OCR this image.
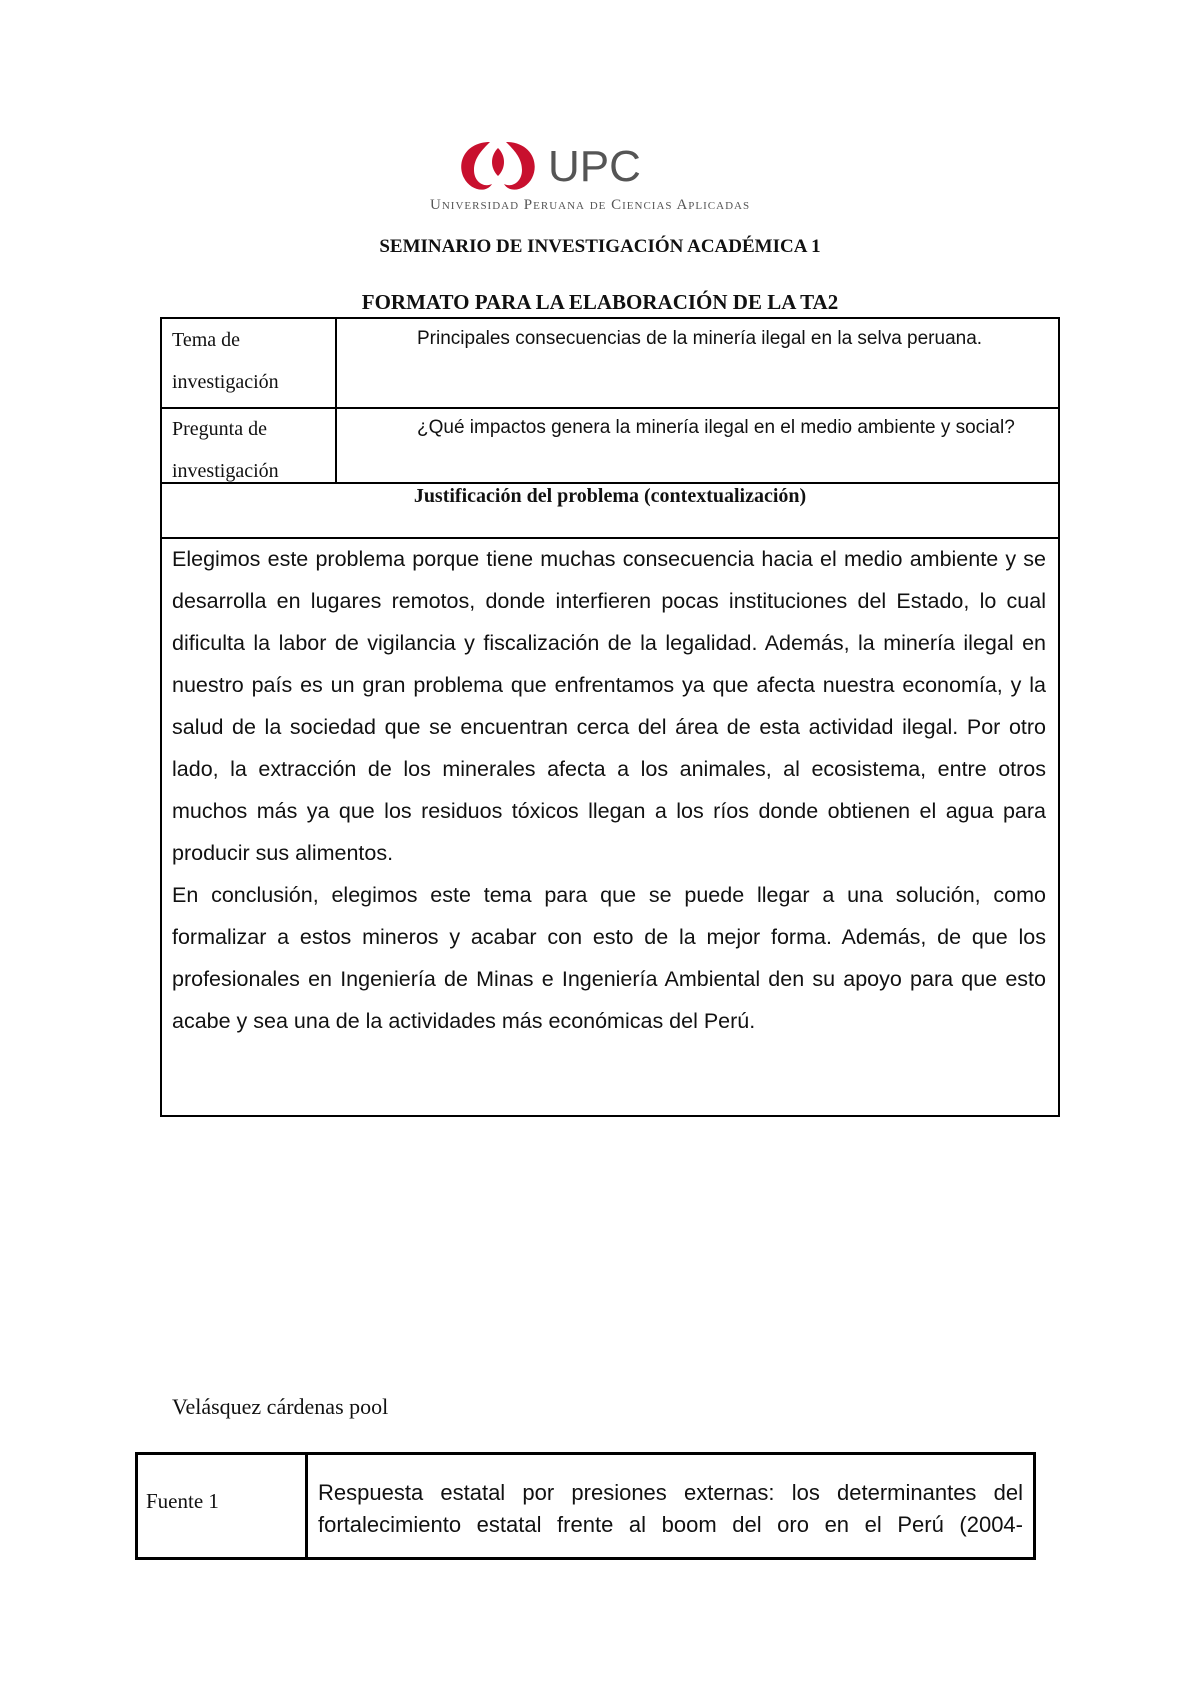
UPC
Universidad Peruana de Ciencias Aplicadas
SEMINARIO DE INVESTIGACIÓN ACADÉMICA 1
FORMATO PARA LA ELABORACIÓN DE LA TA2
Tema de
investigación
Principales consecuencias de la minería ilegal en la selva peruana.
Pregunta de
investigación
¿Qué impactos genera la minería ilegal en el medio ambiente y social?
Justificación del problema (contextualización)

Elegimos este problema porque tiene muchas consecuencia hacia el medio ambiente y se desarrolla en lugares remotos, donde interfieren pocas instituciones del Estado, lo cual dificulta la labor de vigilancia y fiscalización de la legalidad. Además, la minería ilegal en nuestro país es un gran problema que enfrentamos ya que afecta nuestra economía, y la salud de la sociedad que se encuentran cerca del área de esta actividad ilegal. Por otro lado, la extracción de los minerales afecta a los animales, al ecosistema, entre otros muchos más ya que los residuos tóxicos llegan a los ríos donde obtienen el agua para producir sus alimentos.

En conclusión, elegimos este tema para que se puede llegar a una solución, como formalizar a estos mineros y acabar con esto de la mejor forma. Además, de que los profesionales en Ingeniería de Minas e Ingeniería Ambiental den su apoyo para que esto acabe y sea una de la actividades más económicas del Perú.

Velásquez cárdenas pool
Fuente 1	Respuesta estatal por presiones externas: los determinantes del fortalecimiento estatal frente al boom del oro en el Perú (2004-
